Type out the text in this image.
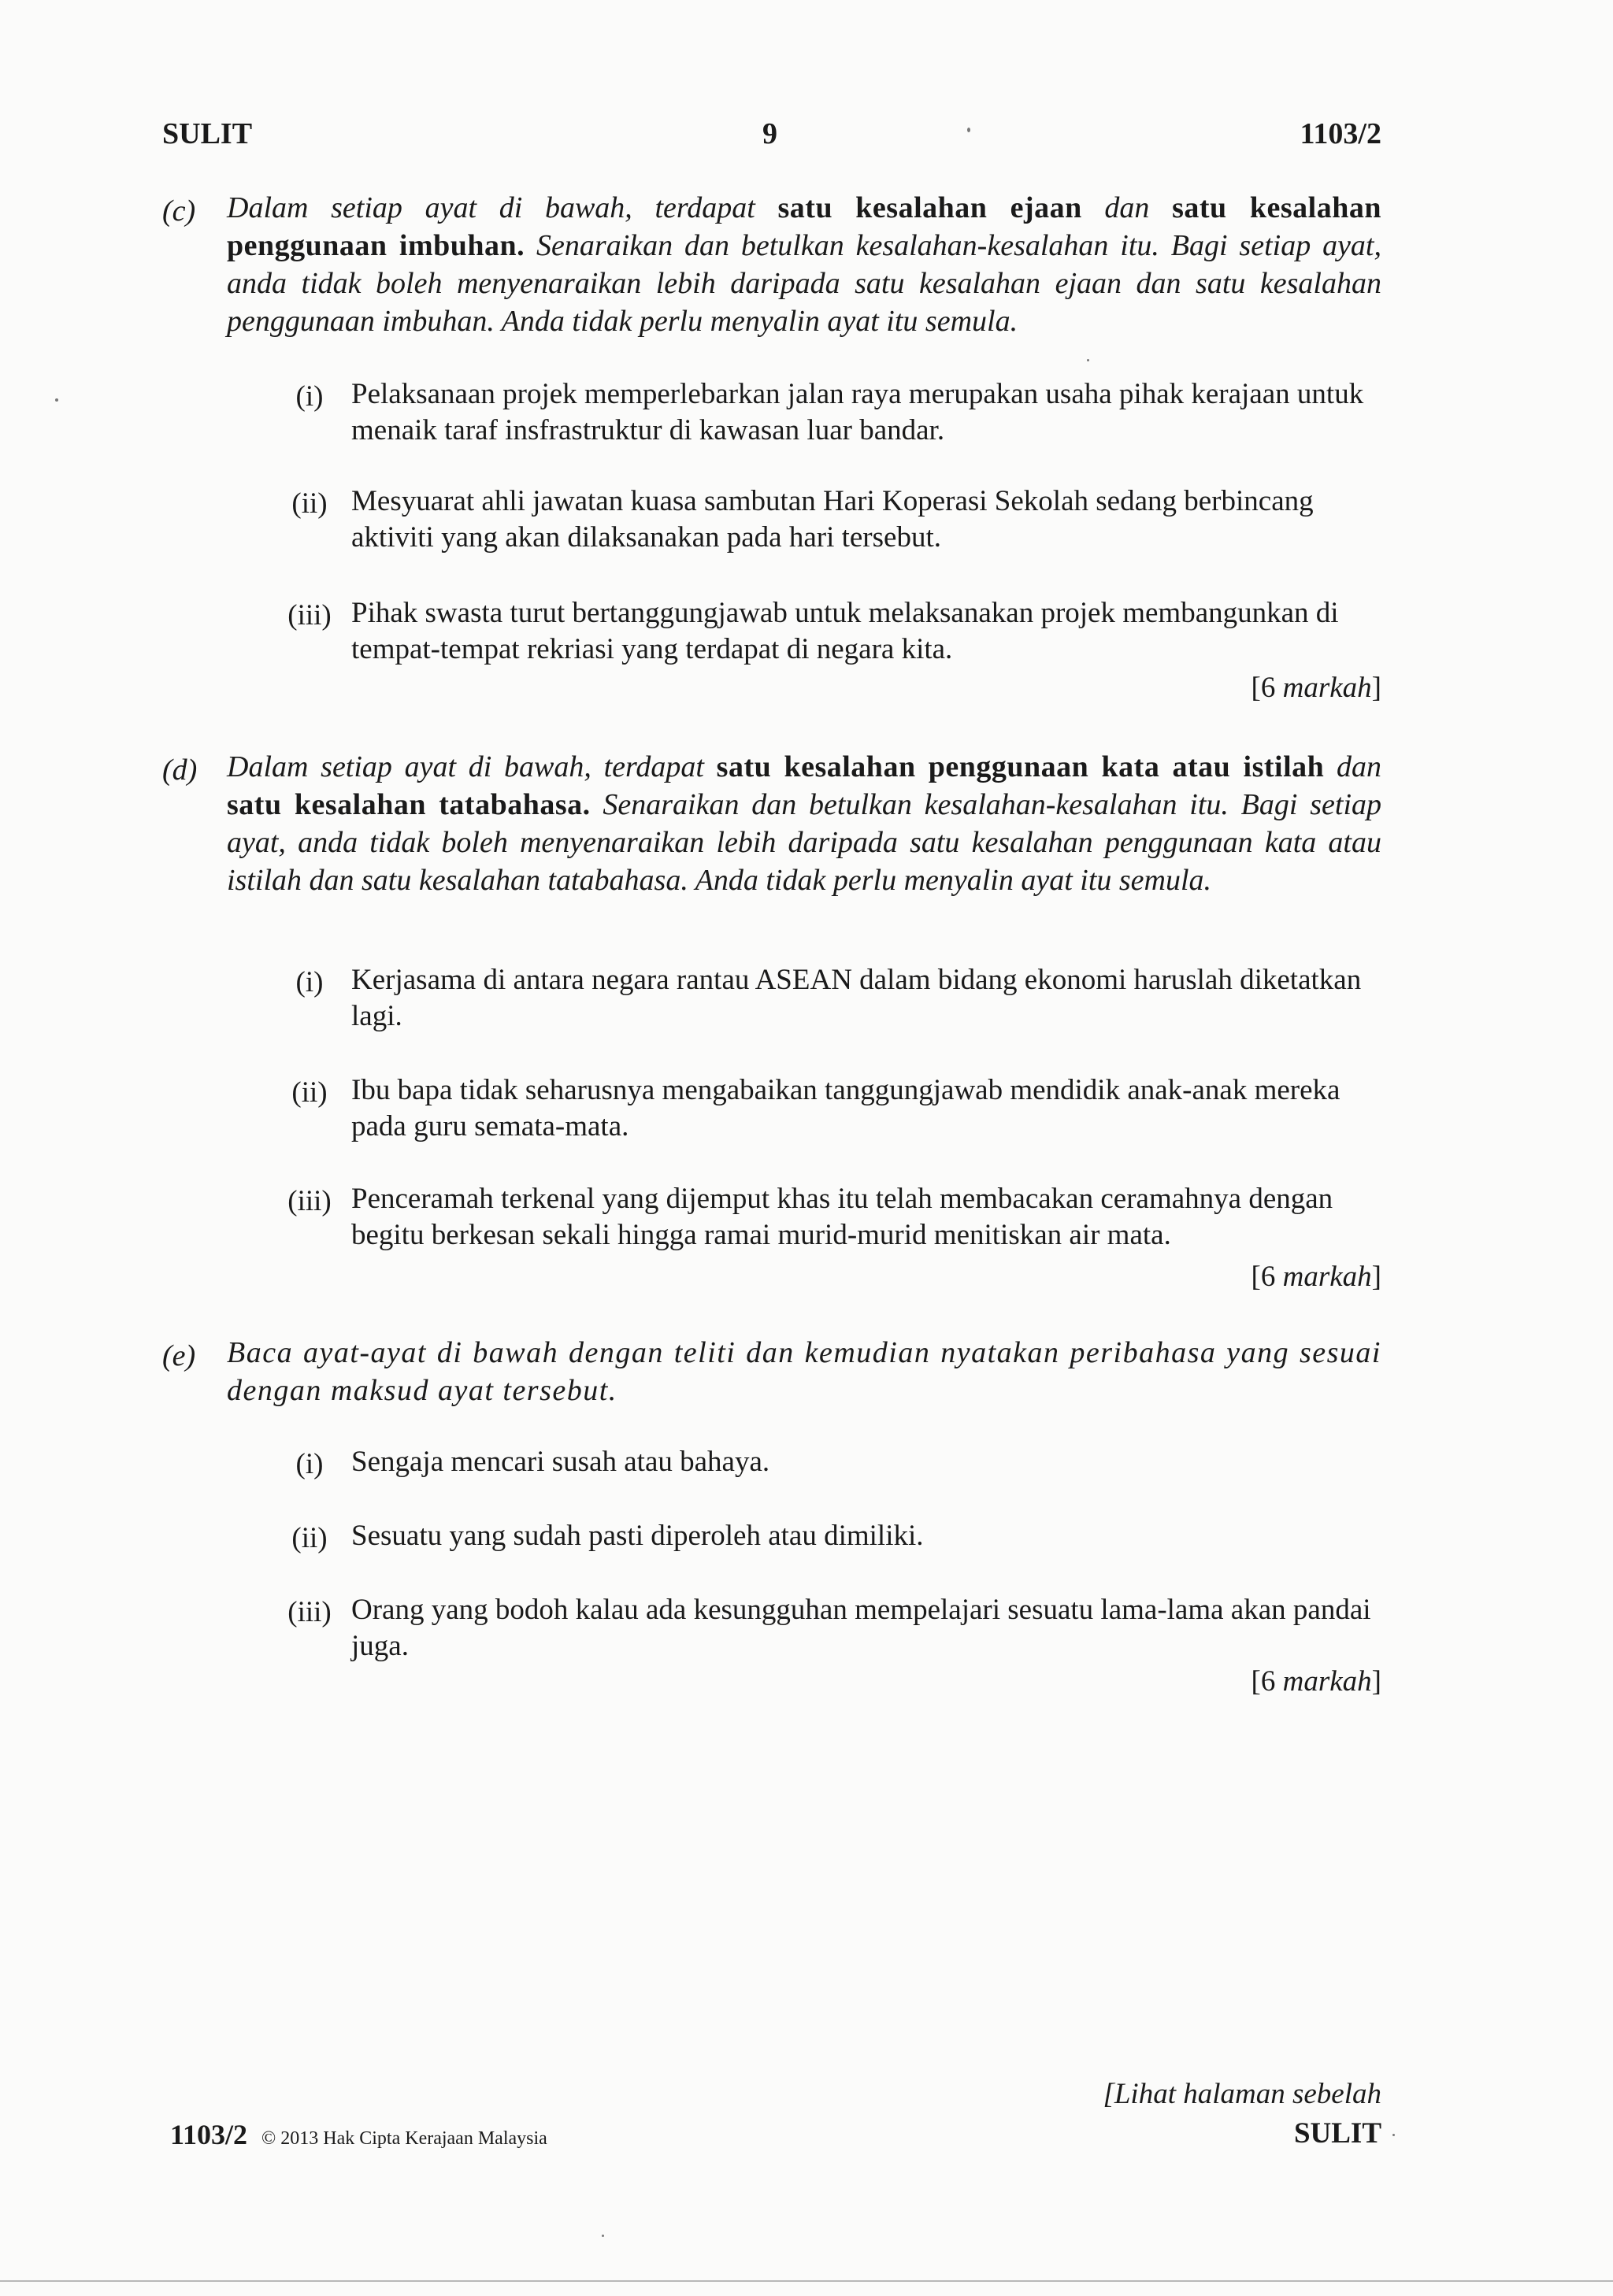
SULIT	9	1103/2
(c) Dalam setiap ayat di bawah, terdapat satu kesalahan ejaan dan satu kesalahan penggunaan imbuhan. Senaraikan dan betulkan kesalahan-kesalahan itu. Bagi setiap ayat, anda tidak boleh menyenaraikan lebih daripada satu kesalahan ejaan dan satu kesalahan penggunaan imbuhan. Anda tidak perlu menyalin ayat itu semula.
(i) Pelaksanaan projek memperlebarkan jalan raya merupakan usaha pihak kerajaan untuk menaik taraf insfrastruktur di kawasan luar bandar.
(ii) Mesyuarat ahli jawatan kuasa sambutan Hari Koperasi Sekolah sedang berbincang aktiviti yang akan dilaksanakan pada hari tersebut.
(iii) Pihak swasta turut bertanggungjawab untuk melaksanakan projek membangunkan di tempat-tempat rekriasi yang terdapat di negara kita.
[6 markah]
(d) Dalam setiap ayat di bawah, terdapat satu kesalahan penggunaan kata atau istilah dan satu kesalahan tatabahasa. Senaraikan dan betulkan kesalahan-kesalahan itu. Bagi setiap ayat, anda tidak boleh menyenaraikan lebih daripada satu kesalahan penggunaan kata atau istilah dan satu kesalahan tatabahasa. Anda tidak perlu menyalin ayat itu semula.
(i) Kerjasama di antara negara rantau ASEAN dalam bidang ekonomi haruslah diketatkan lagi.
(ii) Ibu bapa tidak seharusnya mengabaikan tanggungjawab mendidik anak-anak mereka pada guru semata-mata.
(iii) Penceramah terkenal yang dijemput khas itu telah membacakan ceramahnya dengan begitu berkesan sekali hingga ramai murid-murid menitiskan air mata.
[6 markah]
(e) Baca ayat-ayat di bawah dengan teliti dan kemudian nyatakan peribahasa yang sesuai dengan maksud ayat tersebut.
(i) Sengaja mencari susah atau bahaya.
(ii) Sesuatu yang sudah pasti diperoleh atau dimiliki.
(iii) Orang yang bodoh kalau ada kesungguhan mempelajari sesuatu lama-lama akan pandai juga.
[6 markah]
1103/2 © 2013 Hak Cipta Kerajaan Malaysia
[Lihat halaman sebelah
SULIT
